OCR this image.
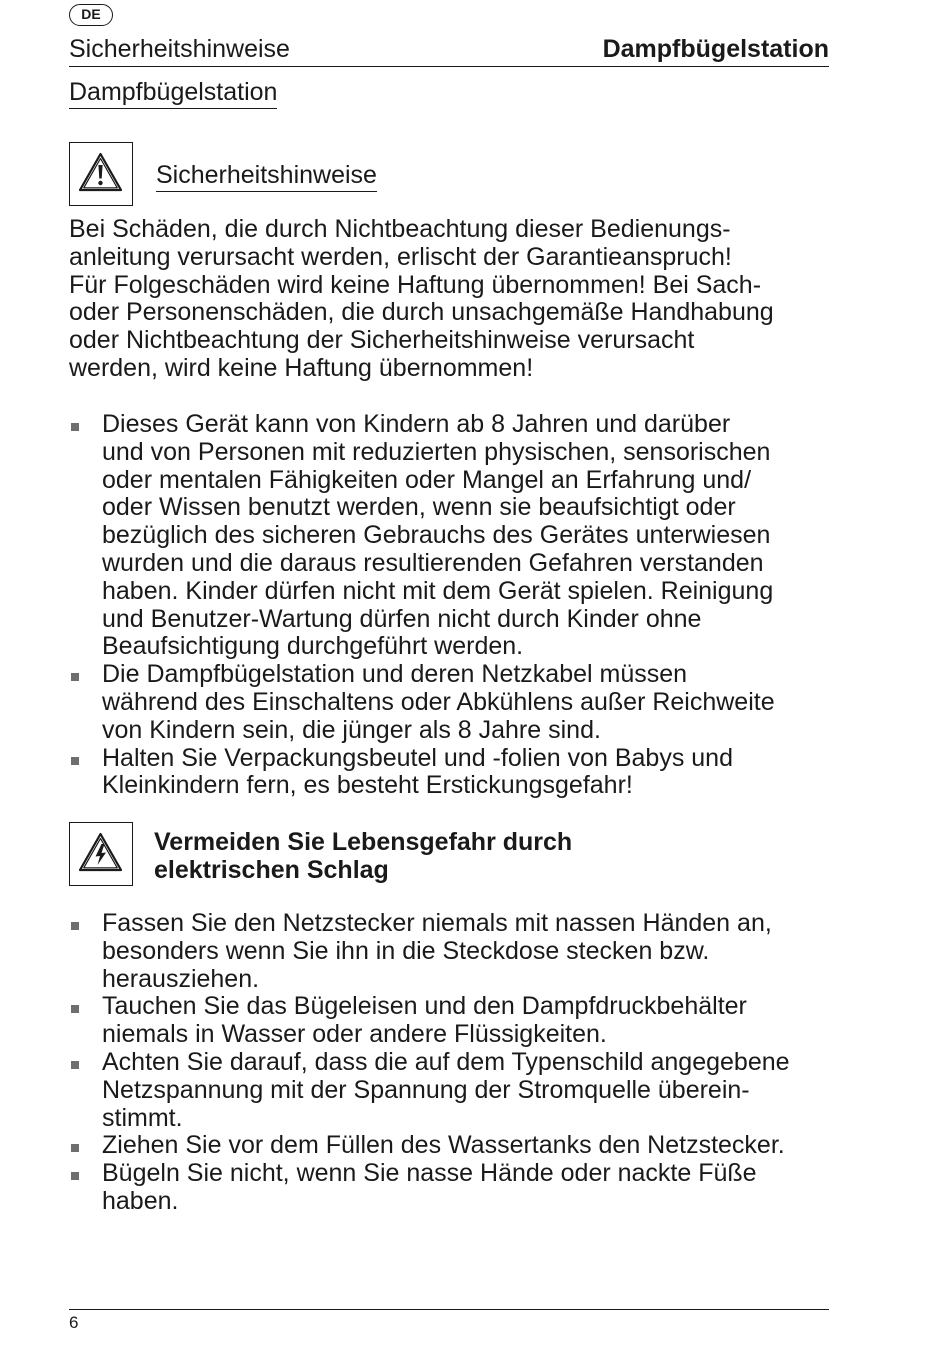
DE
Sicherheitshinweise	Dampfbügelstation
Dampfbügelstation
Sicherheitshinweise

Bei Schäden, die durch Nichtbeachtung dieser Bedienungs-
anleitung verursacht werden, erlischt der Garantieanspruch!
Für Folgeschäden wird keine Haftung übernommen! Bei Sach-
oder Personenschäden, die durch unsachgemäße Handhabung
oder Nichtbeachtung der Sicherheitshinweise verursacht
werden, wird keine Haftung übernommen!

Dieses Gerät kann von Kindern ab 8 Jahren und darüber
und von Personen mit reduzierten physischen, sensorischen
oder mentalen Fähigkeiten oder Mangel an Erfahrung und/
oder Wissen benutzt werden, wenn sie beaufsichtigt oder
bezüglich des sicheren Gebrauchs des Gerätes unterwiesen
wurden und die daraus resultierenden Gefahren verstanden
haben. Kinder dürfen nicht mit dem Gerät spielen. Reinigung
und Benutzer-Wartung dürfen nicht durch Kinder ohne
Beaufsichtigung durchgeführt werden.
Die Dampfbügelstation und deren Netzkabel müssen
während des Einschaltens oder Abkühlens außer Reichweite
von Kindern sein, die jünger als 8 Jahre sind.
Halten Sie Verpackungsbeutel und -folien von Babys und
Kleinkindern fern, es besteht Erstickungsgefahr!
Vermeiden Sie Lebensgefahr durch
elektrischen Schlag
Fassen Sie den Netzstecker niemals mit nassen Händen an,
besonders wenn Sie ihn in die Steckdose stecken bzw.
herausziehen.
Tauchen Sie das Bügeleisen und den Dampfdruckbehälter
niemals in Wasser oder andere Flüssigkeiten.
Achten Sie darauf, dass die auf dem Typenschild angegebene
Netzspannung mit der Spannung der Stromquelle überein-
stimmt.
Ziehen Sie vor dem Füllen des Wassertanks den Netzstecker.
Bügeln Sie nicht, wenn Sie nasse Hände oder nackte Füße
haben.
6
